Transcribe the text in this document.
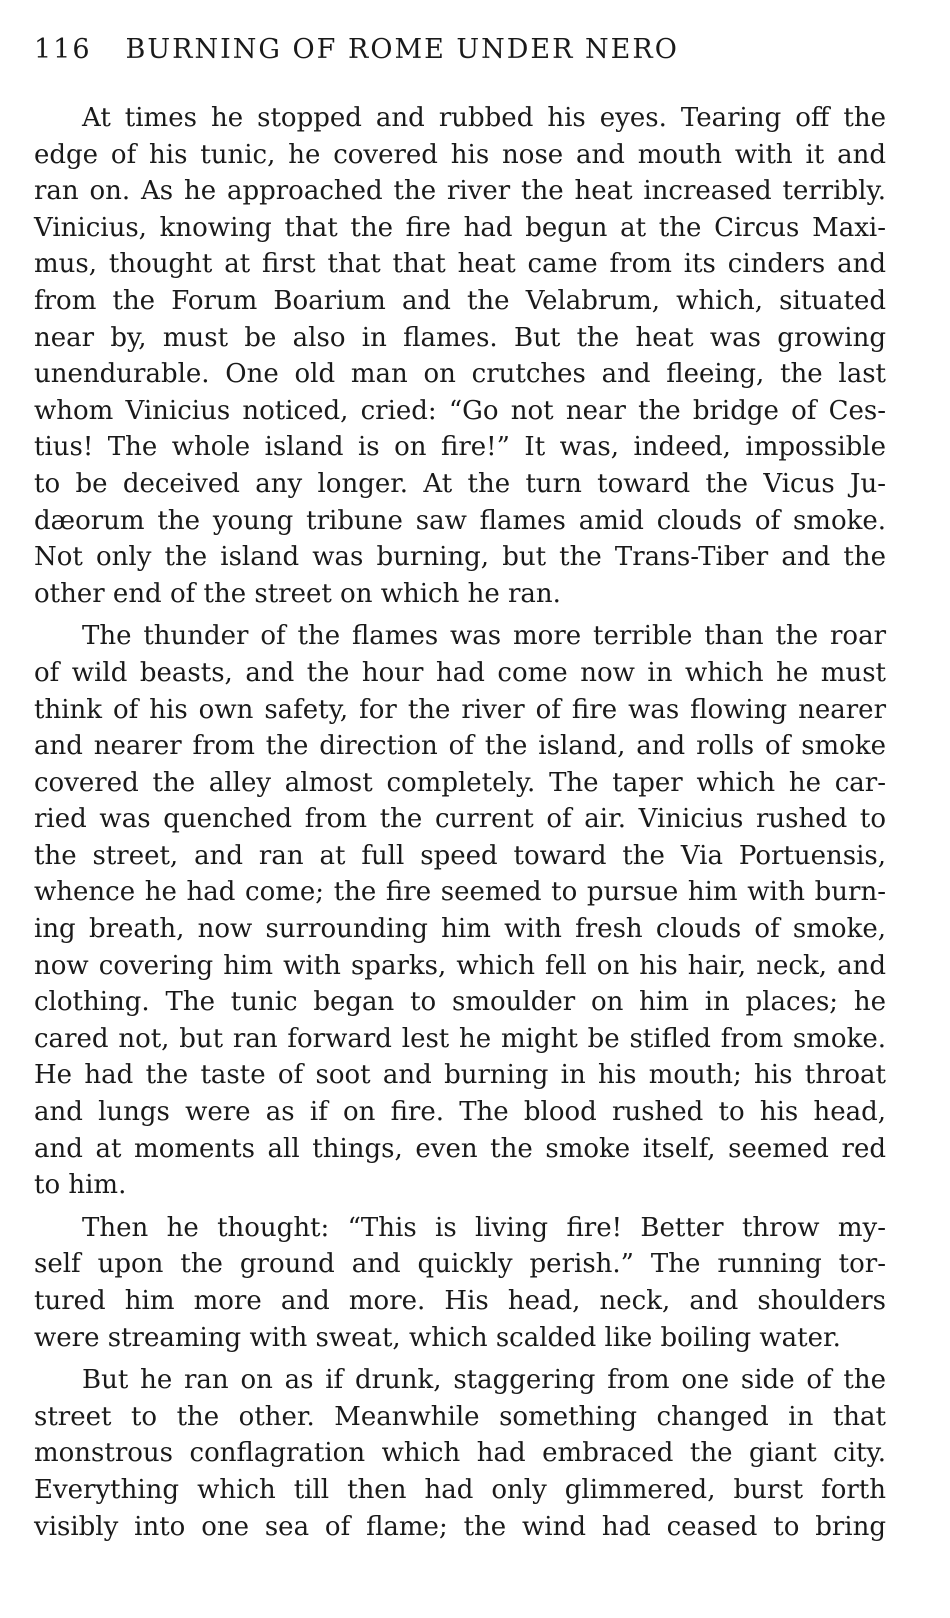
116 BURNING OF ROME UNDER NERO
At times he stopped and rubbed his eyes. Tearing off the
edge of his tunic, he covered his nose and mouth with it and
ran on. As he approached the river the heat increased terribly.
Vinicius, knowing that the fire had begun at the Circus Maxi-
mus, thought at first that that heat came from its cinders and
from the Forum Boarium and the Velabrum, which, situated
near by, must be also in flames. But the heat was growing
unendurable. One old man on crutches and fleeing, the last
whom Vinicius noticed, cried: “Go not near the bridge of Ces-
tius! The whole island is on fire!” It was, indeed, impossible
to be deceived any longer. At the turn toward the Vicus Ju-
dæorum the young tribune saw flames amid clouds of smoke.
Not only the island was burning, but the Trans-Tiber and the
other end of the street on which he ran.
The thunder of the flames was more terrible than the roar
of wild beasts, and the hour had come now in which he must
think of his own safety, for the river of fire was flowing nearer
and nearer from the direction of the island, and rolls of smoke
covered the alley almost completely. The taper which he car-
ried was quenched from the current of air. Vinicius rushed to
the street, and ran at full speed toward the Via Portuensis,
whence he had come; the fire seemed to pursue him with burn-
ing breath, now surrounding him with fresh clouds of smoke,
now covering him with sparks, which fell on his hair, neck, and
clothing. The tunic began to smoulder on him in places; he
cared not, but ran forward lest he might be stifled from smoke.
He had the taste of soot and burning in his mouth; his throat
and lungs were as if on fire. The blood rushed to his head,
and at moments all things, even the smoke itself, seemed red
to him.
Then he thought: “This is living fire! Better throw my-
self upon the ground and quickly perish.” The running tor-
tured him more and more. His head, neck, and shoulders
were streaming with sweat, which scalded like boiling water.
But he ran on as if drunk, staggering from one side of the
street to the other. Meanwhile something changed in that
monstrous conflagration which had embraced the giant city.
Everything which till then had only glimmered, burst forth
visibly into one sea of flame; the wind had ceased to bring
